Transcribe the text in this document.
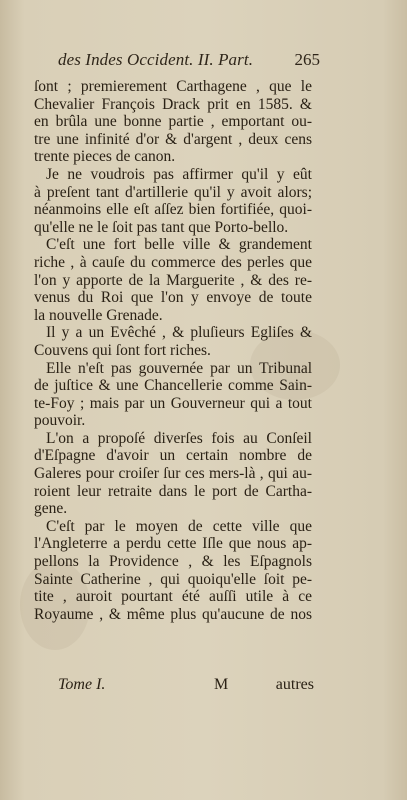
des Indes Occident. II. Part. 265
ſont ; premierement Carthagene , que le
Chevalier François Drack prit en 1585. &
en brûla une bonne partie , emportant ou-
tre une infinité d'or & d'argent , deux cens
trente pieces de canon.
Je ne voudrois pas affirmer qu'il y eût
à preſent tant d'artillerie qu'il y avoit alors;
néanmoins elle eſt aſſez bien fortifiée, quoi-
qu'elle ne le ſoit pas tant que Porto-bello.
C'eſt une fort belle ville & grandement
riche , à cauſe du commerce des perles que
l'on y apporte de la Marguerite , & des re-
venus du Roi que l'on y envoye de toute
la nouvelle Grenade.
Il y a un Evêché , & pluſieurs Egliſes &
Couvens qui ſont fort riches.
Elle n'eſt pas gouvernée par un Tribunal
de juſtice & une Chancellerie comme Sain-
te-Foy ; mais par un Gouverneur qui a tout
pouvoir.
L'on a propoſé diverſes fois au Conſeil
d'Eſpagne d'avoir un certain nombre de
Galeres pour croiſer ſur ces mers-là , qui au-
roient leur retraite dans le port de Cartha-
gene.
C'eſt par le moyen de cette ville que
l'Angleterre a perdu cette Iſle que nous ap-
pellons la Providence , & les Eſpagnols
Sainte Catherine , qui quoiqu'elle ſoit pe-
tite , auroit pourtant été auſſi utile à ce
Royaume , & même plus qu'aucune de nos
Tome I.	M	autres
